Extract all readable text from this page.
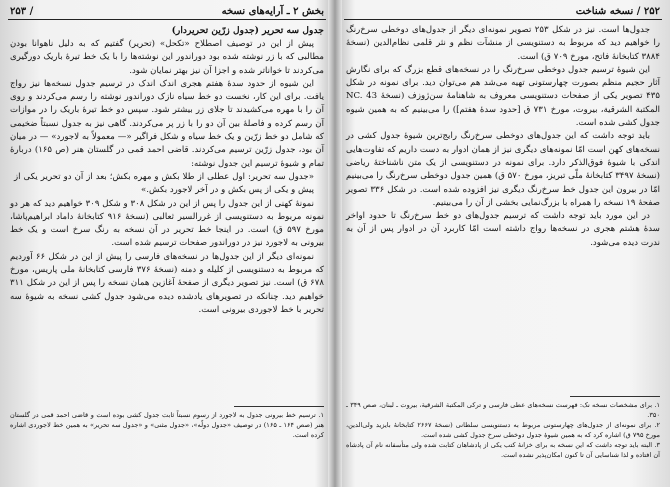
۲۵۲ / نسخه شناخت

جدول‌ها است. نیز در شکل ۲۵۳ تصویر نمونه‌ای دیگر از جدول‌های دوخطی سرخ‌رنگ را خواهیم دید که مربوط به دستنویسی از منشآت نظم و نثر قلمی نظام‌الدین (نسخهٔ ۳۸۸۴ کتابخانهٔ فاتح، مورخ ۷۰۹ ق) است.

این شیوهٔ ترسیم جدول دوخطی سرخ‌رنگ را در نسخه‌های قطع بزرگ که برای نگارش آثار حجیم منظم بصورت چهارستونی تهیه می‌شد هم می‌توان دید. برای نمونه در شکل ۴۳۵ تصویر یکی از صفحات دستنویسی معروف به شاهنامهٔ سن‌ژوزف (نسخهٔ NC. 43 المکتبة الشرقیة، بیروت، مورخ ۷۳۱ ق [حدود سدهٔ هفتم]) را می‌بینیم که به همین شیوه جدول کشی شده است.

باید توجه داشت که این جدول‌های دوخطی سرخ‌رنگ رایج‌ترین شیوهٔ جدول کشی در نسخه‌های کهن است امّا نمونه‌های دیگری نیز از همان ادوار به دست داریم که تفاوت‌هایی اندکی با شیوهٔ فوق‌الذکر دارد. برای نمونه در دستنویسی از یک متن ناشناختهٔ ریاضی (نسخهٔ ۳۴۹۷ کتابخانهٔ ملّی تبریز، مورخ ۵۷۰ ق) همین جدول دوخطی سرخ‌رنگ را می‌بینیم امّا در بیرون این جدول خط سرخ‌رنگ دیگری نیز افزوده شده است. در شکل ۳۳۶ تصویر صفحهٔ ۱۹ نسخه را همراه با بزرگ‌نمایی بخشی از آن را می‌بینیم.

در این مورد باید توجه داشت که ترسیم جدول‌های دو خط سرخ‌رنگ تا حدود اواخر سدهٔ هشتم هجری در نسخه‌ها رواج داشته است امّا کاربرد آن در ادوار پس از آن به ندرت دیده می‌شود.

۱. برای مشخصات نسخه نک: فهرست نسخه‌های عطی فارسی و ترکی المکتبة الشرقیة، بیروت ـ لبنان، صص ۳۴۹ ـ ۳۵۰.
۲. برای نمونه‌ای از جدول‌های چهارستونی مربوط به دستنویسی سلطانی (نسخهٔ ۲۶۶۷ کتابخانهٔ بایزید ولی‌الدین، مورخ ۷۹۵ ق) اشاره کرد که به همین شیوهٔ جدول دوخطی سرخ جدول کشی شده است.
۳. البته باید توجه داشت که این نسخه به برای خزانهٔ کتب یکی از پادشاهان کتابت شده ولی متأسفانه نام آن پادشاه آن افتاده و لذا شناسایی آن تا کنون امکان‌پذیر نشده است.
بخش ۲ ـ آرایه‌های نسخه
/ ۲۵۳
جدول سه تحریر (جدول زرّین تحریردار)

پیش از این در توصیف اصطلاح «تکحل» (تحریر) گفتیم که به دلیل ناهوانا بودن مطالبی که با زر نوشته شده بود دوراندور این نوشته‌ها را با یک خط تیرهٔ باریک دورگیری می‌کردند تا خواناتر شده و اجزا آن نیز بهتر نمایان شود.

این شیوه از حدود سدهٔ هفتم هجری اندک اندک در ترسیم جدول نسخه‌ها نیز رواج یافت. برای این کار، نخست دو خط سیاه نازک دوراندور نوشته را رسم می‌کردند و روی آن را با مهره می‌کشیدند تا جلای زر بیشتر شود. سپس دو خط تیرهٔ باریک را در موازات آن رسم کرده و فاصلهٔ بین آن دو را با زر پر می‌کردند. گاهی نیز به جدول نسبتاً ضخیمی که شامل دو خط زرّین و یک خط سیاه و شکل فراگیر «— معمولاً به لاجورد» — در میان آن بود، جدول زرّین ترسیم می‌کردند. قاضی احمد قمی در گلستان هنر (ص ۱۶۵) دربارهٔ تمام و شیوهٔ ترسیم این جدول نوشته:

«جدول سه تحریر: اول عطلی از طلا بکش و مهره بکش؛ بعد از آن دو تحریر یکی از پیش و یکی از پس بکش و در آخر لاجورد بکش.»

نمونهٔ کهنی از این جدول را پس از این در شکل ۳۰۸ و شکل ۳۰۹ خواهیم دید که هر دو نمونه مربوط به دستنویسی از غررالسیر ثعالبی (نسخهٔ ۹۱۶ کتابخانهٔ داماد ابراهیم‌پاشا، مورخ ۵۹۷ ق) است. در اینجا خط تحریر در آن نسخه به رنگ سرخ است و یک خط بیرونی به لاجورد نیز در دوراندور صفحات ترسیم شده است.

نمونه‌ای دیگر از این جدول‌ها در نسخه‌های فارسی را پیش از این در شکل ۶۶ آوردیم که مربوط به دستنویسی از کلیله و دمنه (نسخهٔ ۳۷۶ فارسی کتابخانهٔ ملی پاریس، مورخ ۶۷۸ ق) است. نیز تصویر دیگری از صفحهٔ آغازین همان نسخه را پس از این در شکل ۳۱۱ خواهیم دید. چنانکه در تصویرهای یادشده دیده می‌شود جدول کشی نسخه به شیوهٔ سه تحریر با خط لاجوردی بیرونی است.

۱. ترسیم خط بیرونی جدول به لاجورد از رسوم نسبتاً ثابت جدول کشی بوده است و قاضی احمد قمی در گلستان هنر (صص ۱۶۴ ـ ۱۶۵) در توصیف «جدول دولّه»، «جدول مثنی» و «جدول سه تحریر» به همین خط لاجوردی اشاره کرده است.
